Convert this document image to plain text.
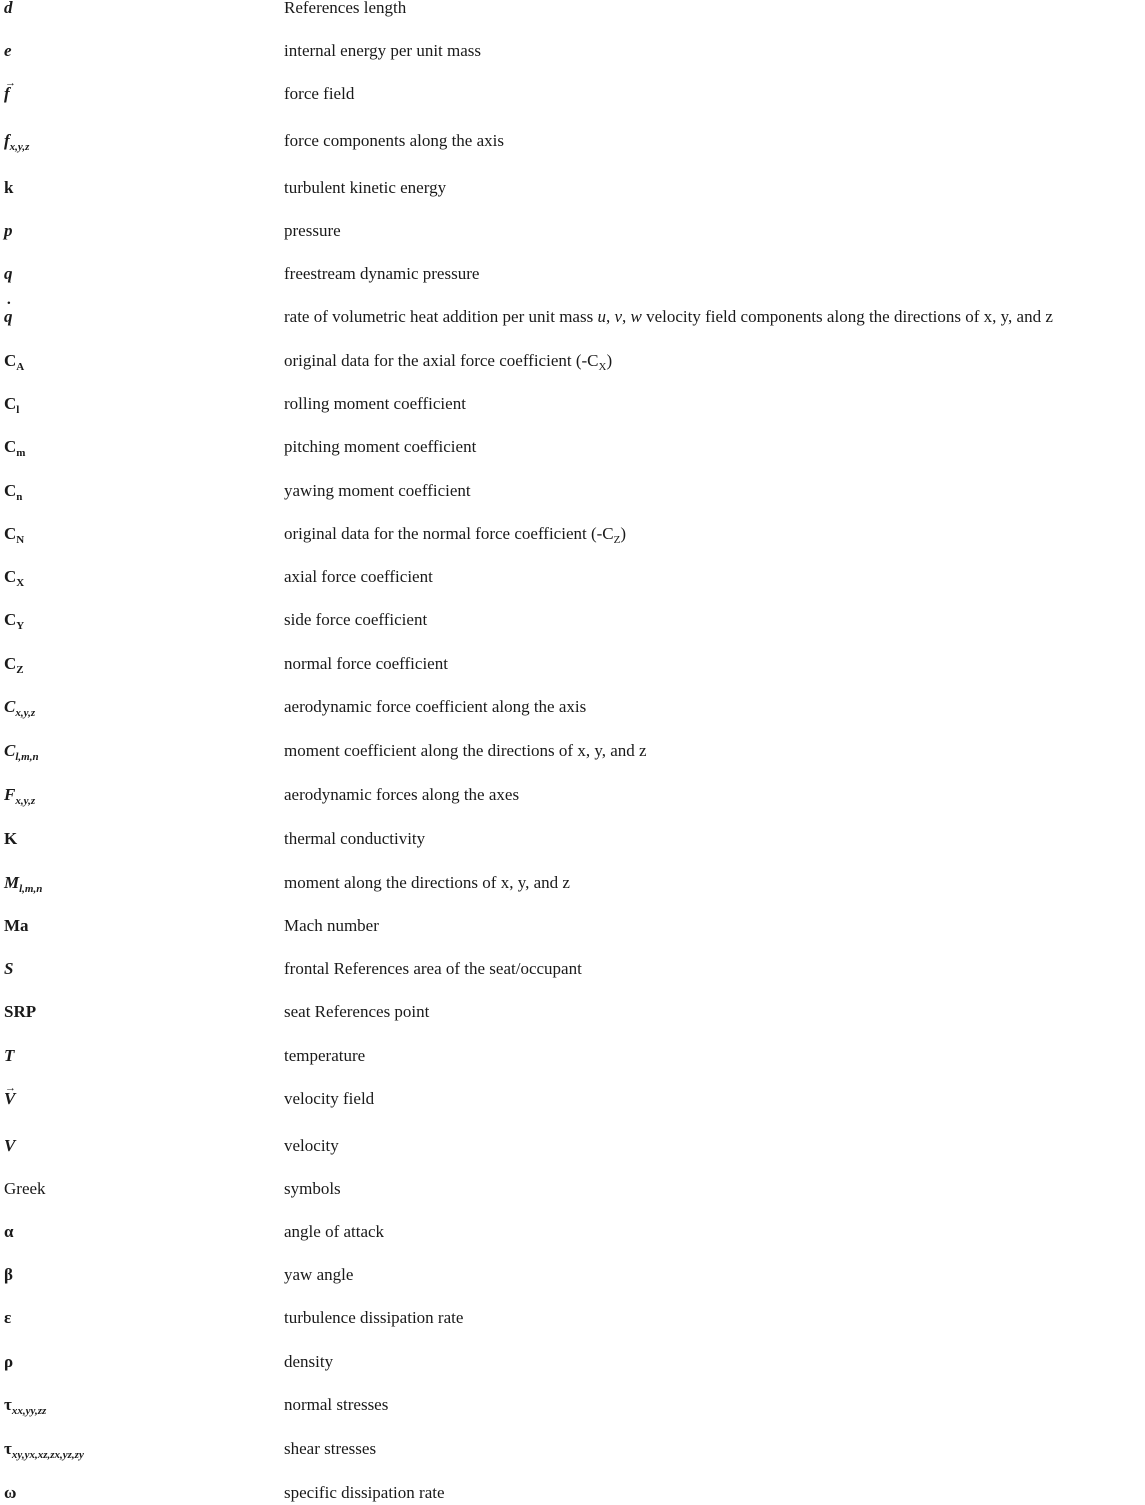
d	References length
e	internal energy per unit mass
→ f	force field
$f_{x,y,z}$	force components along the axis
k	turbulent kinetic energy
p	pressure
q	freestream dynamic pressure
˙ q	rate of volumetric heat addition per unit mass u, v, w velocity field components along the directions of x, y, and z
$C_A$	original data for the axial force coefficient $(-C_X)$
$C_l$	rolling moment coefficient
$C_m$	pitching moment coefficient
$C_n$	yawing moment coefficient
$C_N$	original data for the normal force coefficient $(-C_Z)$
$C_X$	axial force coefficient
$C_Y$	side force coefficient
$C_Z$	normal force coefficient
$C_{x,y,z}$	aerodynamic force coefficient along the axis
$C_{l,m,n}$	moment coefficient along the directions of x, y, and z
$F_{x,y,z}$	aerodynamic forces along the axes
K	thermal conductivity
$M_{l,m,n}$	moment along the directions of x, y, and z
Ma	Mach number
S	frontal References area of the seat/occupant
SRP	seat References point
T	temperature
→ V	velocity field
V	velocity
Greek	symbols
α	angle of attack
β	yaw angle
ε	turbulence dissipation rate
ρ	density
$\tau_{xx,yy,zz}$	normal stresses
$\tau_{xy,yx,xz,zx,yz,zy}$	shear stresses
ω	specific dissipation rate
